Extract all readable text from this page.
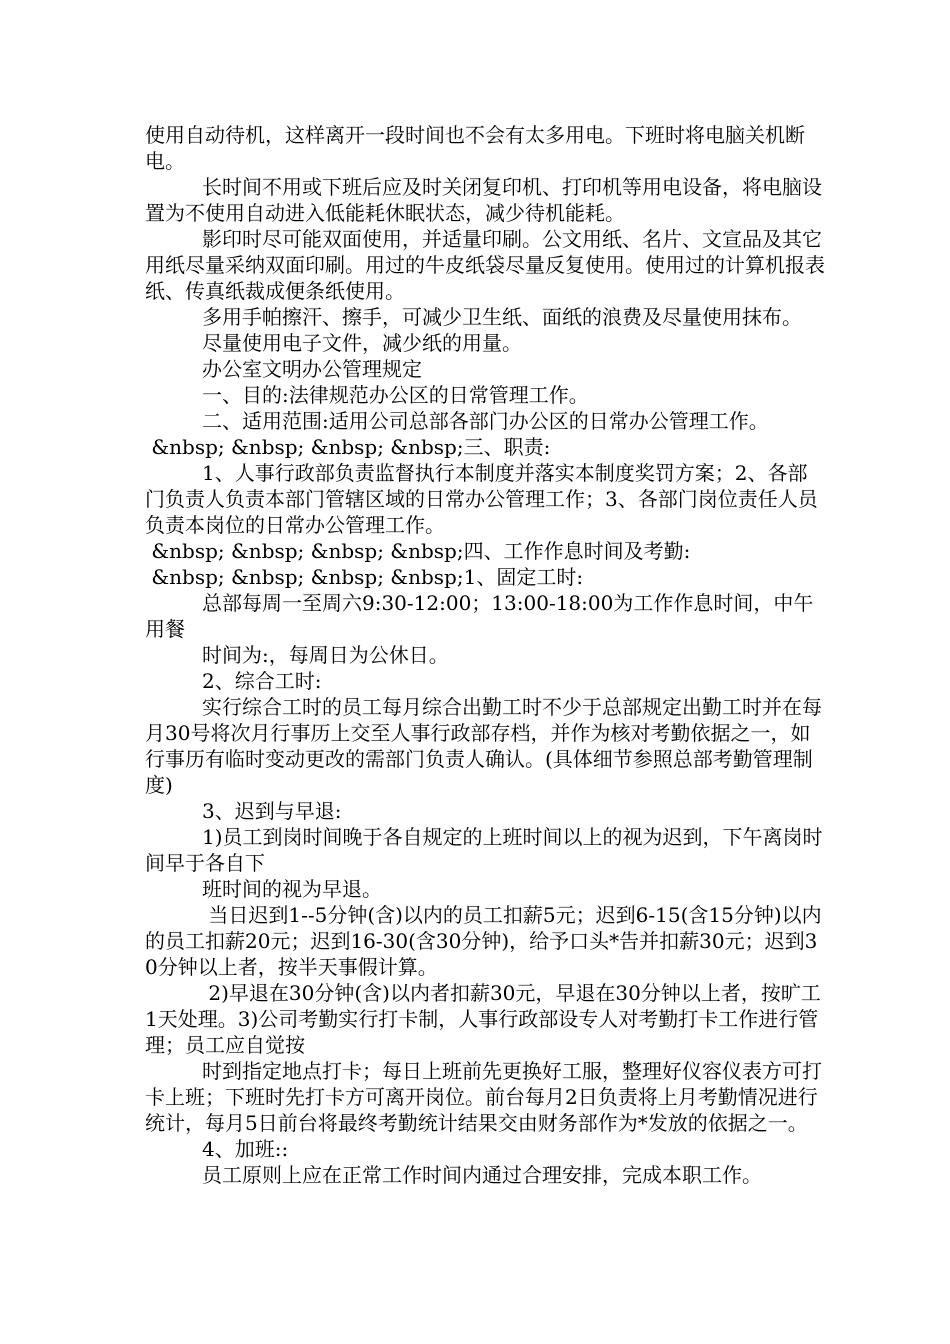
使用自动待机，这样离开一段时间也不会有太多用电。下班时将电脑关机断电。

长时间不用或下班后应及时关闭复印机、打印机等用电设备，将电脑设置为不使用自动进入低能耗休眠状态，减少待机能耗。

影印时尽可能双面使用，并适量印刷。公文用纸、名片、文宣品及其它用纸尽量采纳双面印刷。用过的牛皮纸袋尽量反复使用。使用过的计算机报表纸、传真纸裁成便条纸使用。

多用手帕擦汗、擦手，可减少卫生纸、面纸的浪费及尽量使用抹布。

尽量使用电子文件，减少纸的用量。

办公室文明办公管理规定

一、目的:法律规范办公区的日常管理工作。

二、适用范围:适用公司总部各部门办公区的日常办公管理工作。

&nbsp; &nbsp; &nbsp; &nbsp;三、职责:

1、人事行政部负责监督执行本制度并落实本制度奖罚方案；2、各部门负责人负责本部门管辖区域的日常办公管理工作；3、各部门岗位责任人员负责本岗位的日常办公管理工作。

&nbsp; &nbsp; &nbsp; &nbsp;四、工作作息时间及考勤:

&nbsp; &nbsp; &nbsp; &nbsp;1、固定工时:

总部每周一至周六9:30-12:00；13:00-18:00为工作作息时间，中午用餐

时间为:，每周日为公休日。

2、综合工时:

实行综合工时的员工每月综合出勤工时不少于总部规定出勤工时并在每月30号将次月行事历上交至人事行政部存档，并作为核对考勤依据之一，如行事历有临时变动更改的需部门负责人确认。(具体细节参照总部考勤管理制度)

3、迟到与早退:

1)员工到岗时间晚于各自规定的上班时间以上的视为迟到，下午离岗时间早于各自下

班时间的视为早退。

当日迟到1--5分钟(含)以内的员工扣薪5元；迟到6-15(含15分钟)以内的员工扣薪20元；迟到16-30(含30分钟)，给予口头*告并扣薪30元；迟到30分钟以上者，按半天事假计算。

2)早退在30分钟(含)以内者扣薪30元，早退在30分钟以上者，按旷工1天处理。3)公司考勤实行打卡制，人事行政部设专人对考勤打卡工作进行管理；员工应自觉按

时到指定地点打卡；每日上班前先更换好工服，整理好仪容仪表方可打卡上班；下班时先打卡方可离开岗位。前台每月2日负责将上月考勤情况进行统计，每月5日前台将最终考勤统计结果交由财务部作为*发放的依据之一。

4、加班::

员工原则上应在正常工作时间内通过合理安排，完成本职工作。
